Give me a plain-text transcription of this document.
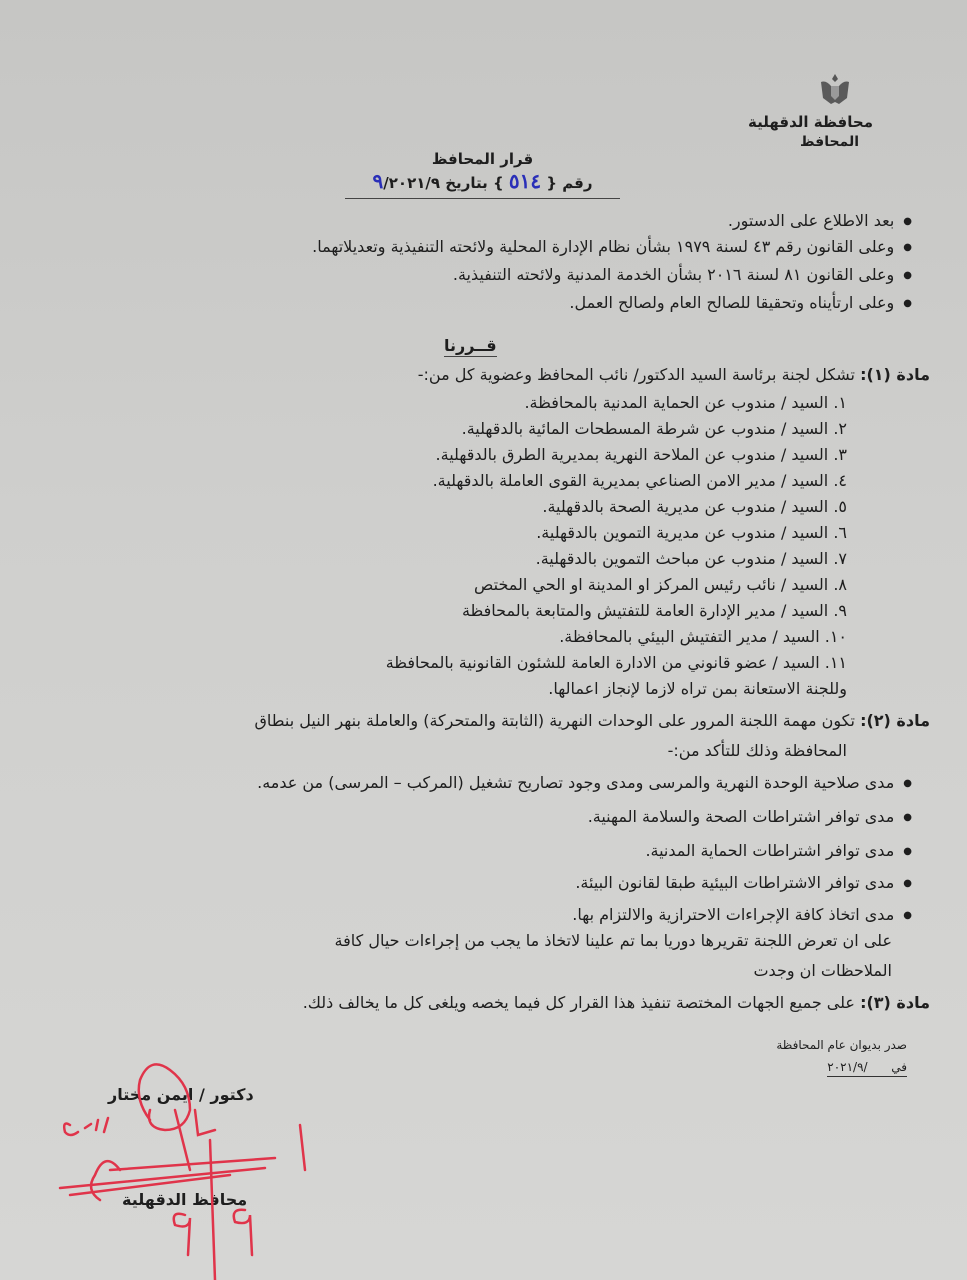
محافظة الدقهلية
المحافظ
قرار المحافظ
رقم { ٥١٤ } بتاريخ ٩/٢٠٢١/٩
● بعد الاطلاع على الدستور.
● وعلى القانون رقم ٤٣ لسنة ١٩٧٩ بشأن نظام الإدارة المحلية ولائحته التنفيذية وتعديلاتهما.
● وعلى القانون ٨١ لسنة ٢٠١٦ بشأن الخدمة المدنية ولائحته التنفيذية.
● وعلى ارتأيناه وتحقيقا للصالح العام ولصالح العمل.
قــررنا
مادة (١): تشكل لجنة برئاسة السيد الدكتور/ نائب المحافظ وعضوية كل من:-
١. السيد / مندوب عن الحماية المدنية بالمحافظة.
٢. السيد / مندوب عن شرطة المسطحات المائية بالدقهلية.
٣. السيد / مندوب عن الملاحة النهرية بمديرية الطرق بالدقهلية.
٤. السيد / مدير الامن الصناعي بمديرية القوى العاملة بالدقهلية.
٥. السيد / مندوب عن مديرية الصحة بالدقهلية.
٦. السيد / مندوب عن مديرية التموين بالدقهلية.
٧. السيد / مندوب عن مباحث التموين بالدقهلية.
٨. السيد / نائب رئيس المركز او المدينة او الحي المختص
٩. السيد / مدير الإدارة العامة للتفتيش والمتابعة بالمحافظة
١٠. السيد / مدير التفتيش البيئي بالمحافظة.
١١. السيد / عضو قانوني من الادارة العامة للشئون القانونية بالمحافظة
وللجنة الاستعانة بمن تراه لازما لإنجاز اعمالها.
مادة (٢): تكون مهمة اللجنة المرور على الوحدات النهرية (الثابتة والمتحركة) والعاملة بنهر النيل بنطاق
المحافظة وذلك للتأكد من:-
● مدى صلاحية الوحدة النهرية والمرسى ومدى وجود تصاريح تشغيل (المركب – المرسى) من عدمه.
● مدى توافر اشتراطات الصحة والسلامة المهنية.
● مدى توافر اشتراطات الحماية المدنية.
● مدى توافر الاشتراطات البيئية طبقا لقانون البيئة.
● مدى اتخاذ كافة الإجراءات الاحترازية والالتزام بها.
على ان تعرض اللجنة تقريرها دوريا بما تم علينا لاتخاذ ما يجب من إجراءات حيال كافة
الملاحظات ان وجدت
مادة (٣): على جميع الجهات المختصة تنفيذ هذا القرار كل فيما يخصه ويلغى كل ما يخالف ذلك.
صدر بديوان عام المحافظة
في  /٢٠٢١/٩
دكتور / ايمن مختار
محافظ الدقهلية
